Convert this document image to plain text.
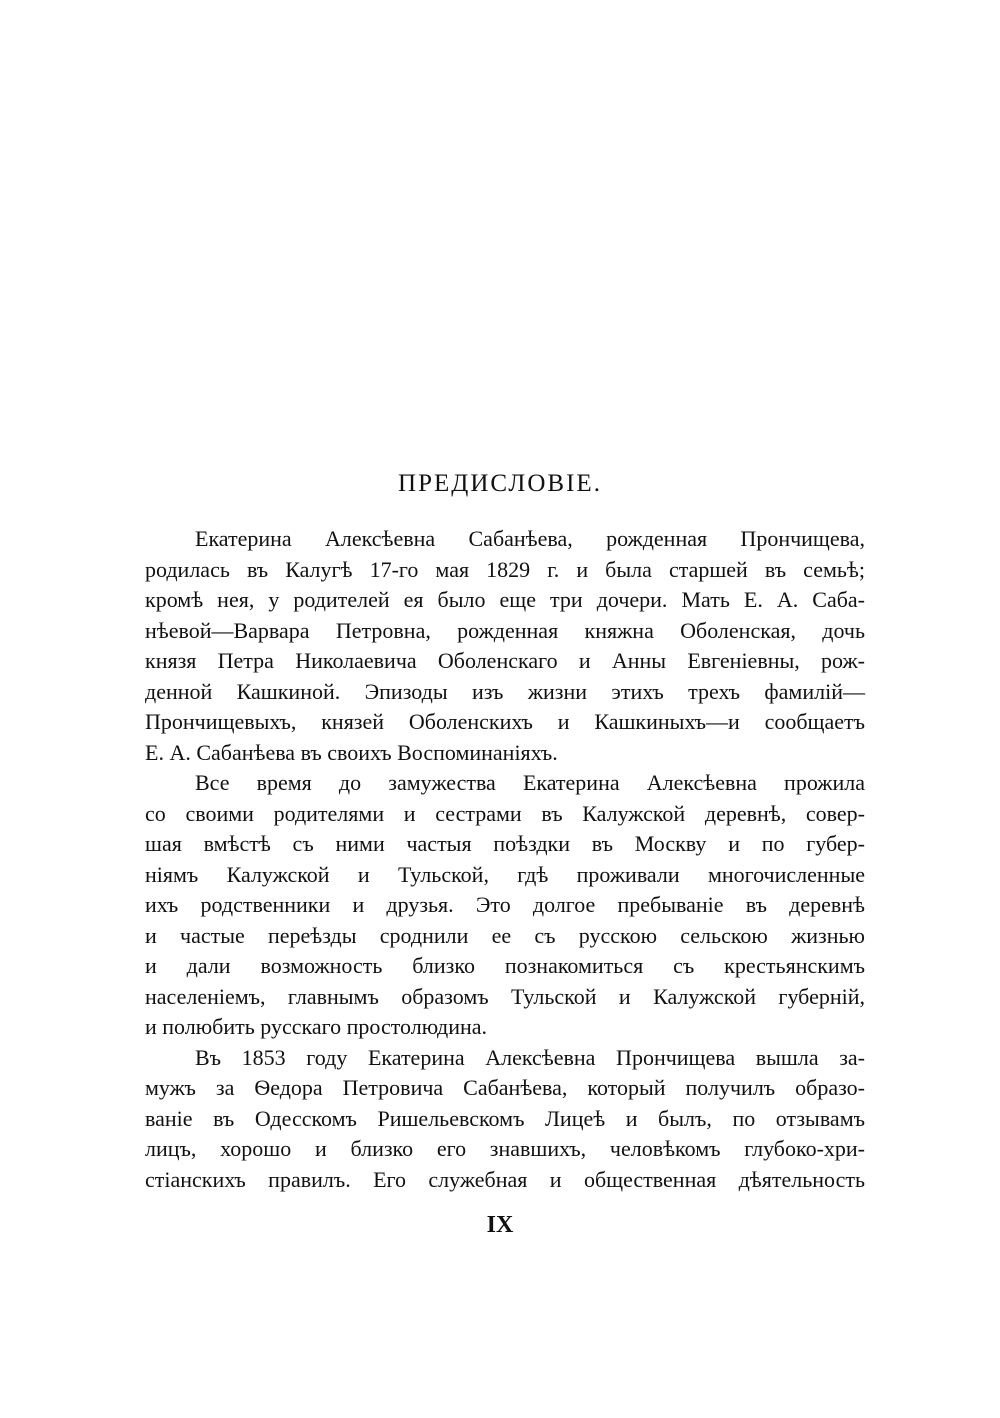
ПРЕДИСЛОВІЕ.
Екатерина Алексѣевна Сабанѣева, рожденная Прончищева,
родилась въ Калугѣ 17-го мая 1829 г. и была старшей въ семьѣ;
кромѣ нея, у родителей ея было еще три дочери. Мать Е. А. Саба-
нѣевой—Варвара Петровна, рожденная княжна Оболенская, дочь
князя Петра Николаевича Оболенскаго и Анны Евгеніевны, рож-
денной Кашкиной. Эпизоды изъ жизни этихъ трехъ фамилій—
Прончищевыхъ, князей Оболенскихъ и Кашкиныхъ—и сообщаетъ
Е. А. Сабанѣева въ своихъ Воспоминаніяхъ.
Все время до замужества Екатерина Алексѣевна прожила
со своими родителями и сестрами въ Калужской деревнѣ, совер-
шая вмѣстѣ съ ними частыя поѣздки въ Москву и по губер-
ніямъ Калужской и Тульской, гдѣ проживали многочисленные
ихъ родственники и друзья. Это долгое пребываніе въ деревнѣ
и частые переѣзды сроднили ее съ русскою сельскою жизнью
и дали возможность близко познакомиться съ крестьянскимъ
населеніемъ, главнымъ образомъ Тульской и Калужской губерній,
и полюбить русскаго простолюдина.
Въ 1853 году Екатерина Алексѣевна Прончищева вышла за-
мужъ за Ѳедора Петровича Сабанѣева, который получилъ образо-
ваніе въ Одесскомъ Ришельевскомъ Лицеѣ и былъ, по отзывамъ
лицъ, хорошо и близко его знавшихъ, человѣкомъ глубоко-хри-
стіанскихъ правилъ. Его служебная и общественная дѣятельность
IX
